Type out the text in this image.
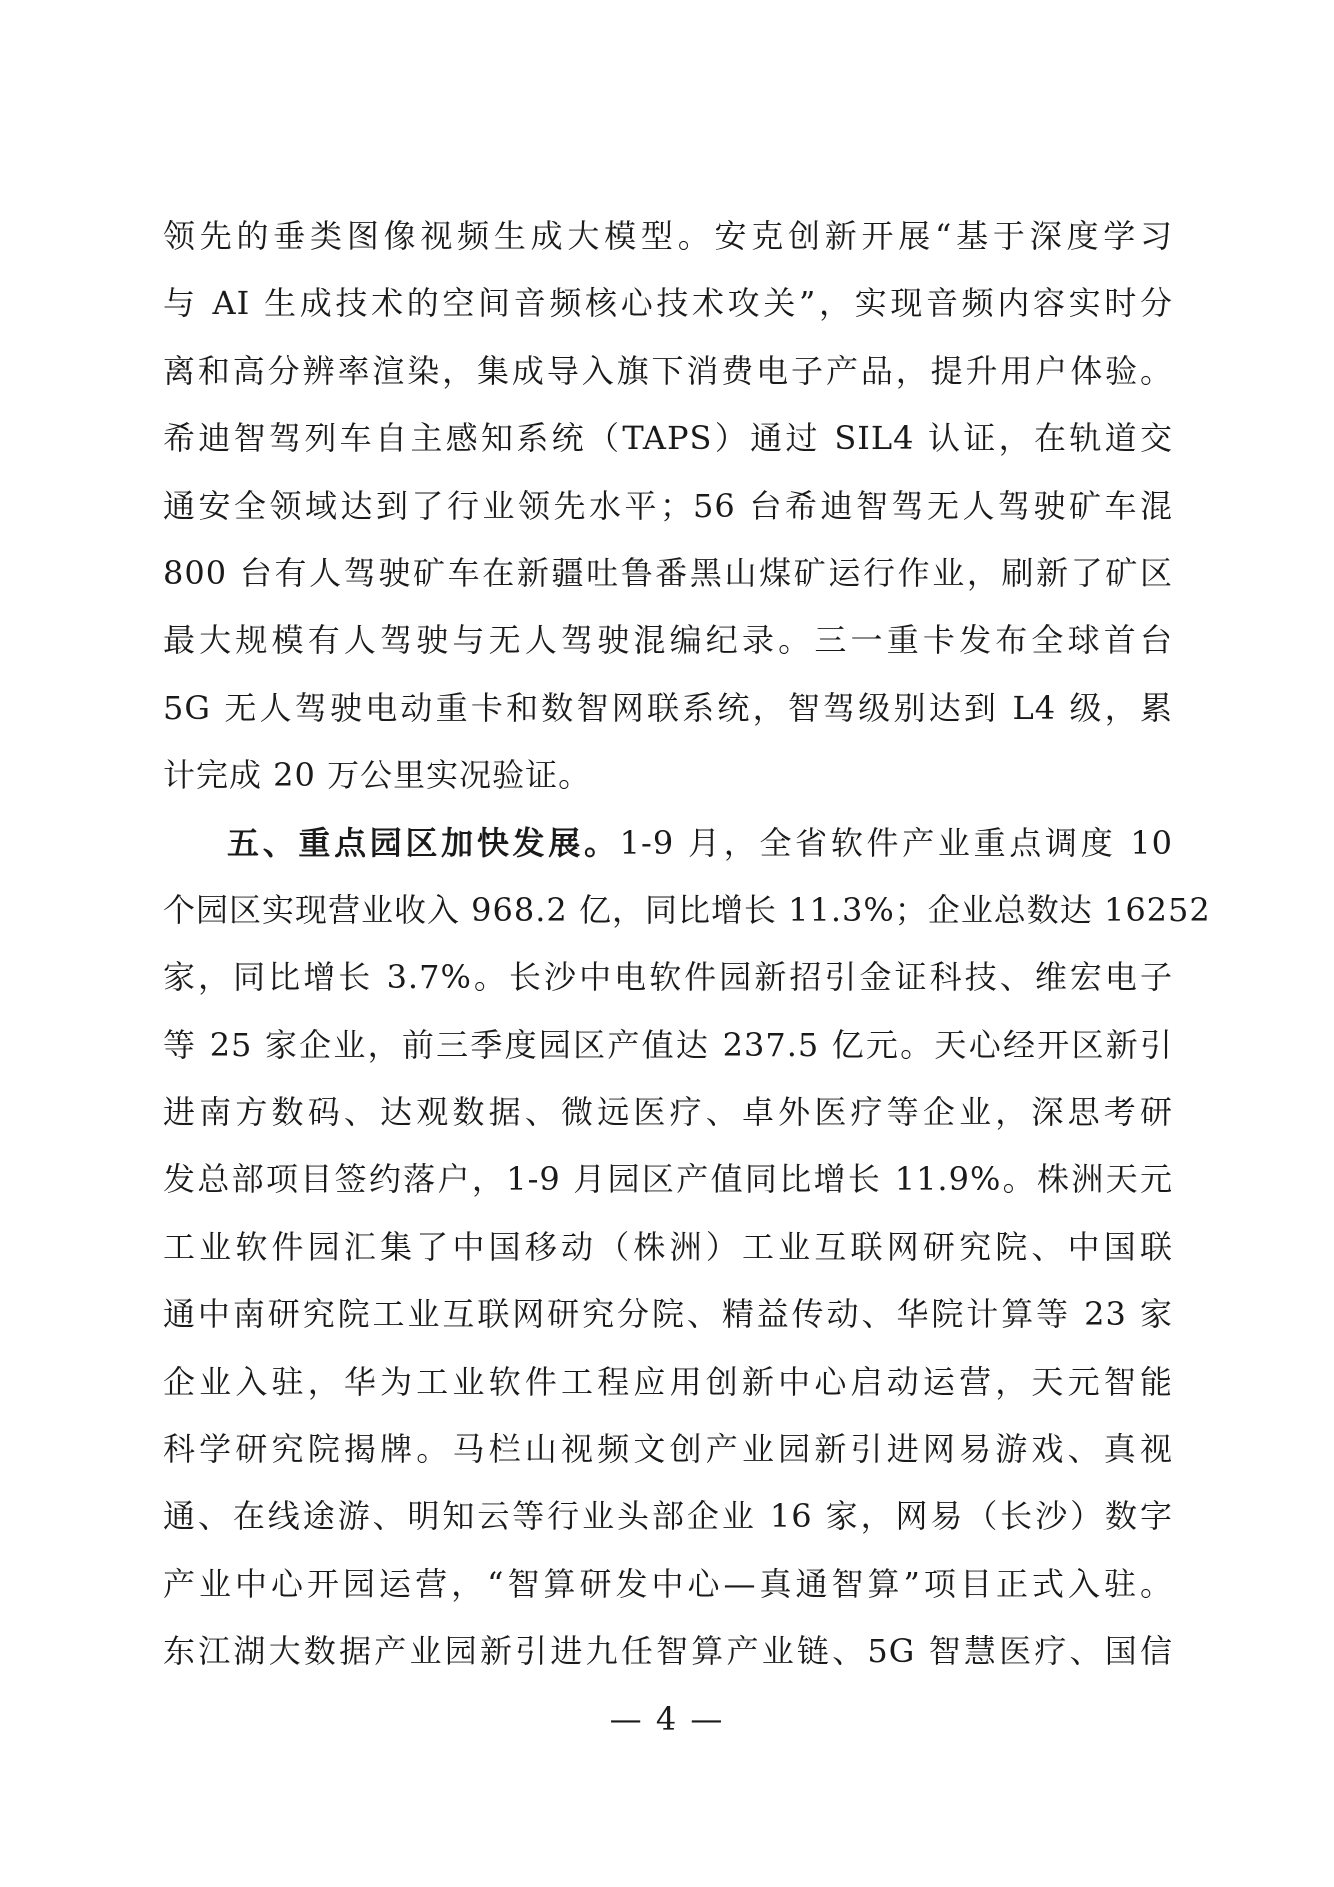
领先的垂类图像视频生成大模型。安克创新开展“基于深度学习
与 AI 生成技术的空间音频核心技术攻关”，实现音频内容实时分
离和高分辨率渲染，集成导入旗下消费电子产品，提升用户体验。
希迪智驾列车自主感知系统（TAPS）通过 SIL4 认证，在轨道交
通安全领域达到了行业领先水平；56 台希迪智驾无人驾驶矿车混
800 台有人驾驶矿车在新疆吐鲁番黑山煤矿运行作业，刷新了矿区
最大规模有人驾驶与无人驾驶混编纪录。三一重卡发布全球首台
5G 无人驾驶电动重卡和数智网联系统，智驾级别达到 L4 级，累
计完成 20 万公里实况验证。
五、重点园区加快发展。1-9 月，全省软件产业重点调度 10
个园区实现营业收入 968.2 亿，同比增长 11.3%；企业总数达 16252
家，同比增长 3.7%。长沙中电软件园新招引金证科技、维宏电子
等 25 家企业，前三季度园区产值达 237.5 亿元。天心经开区新引
进南方数码、达观数据、微远医疗、卓外医疗等企业，深思考研
发总部项目签约落户，1-9 月园区产值同比增长 11.9%。株洲天元
工业软件园汇集了中国移动（株洲）工业互联网研究院、中国联
通中南研究院工业互联网研究分院、精益传动、华院计算等 23 家
企业入驻，华为工业软件工程应用创新中心启动运营，天元智能
科学研究院揭牌。马栏山视频文创产业园新引进网易游戏、真视
通、在线途游、明知云等行业头部企业 16 家，网易（长沙）数字
产业中心开园运营，“智算研发中心—真通智算”项目正式入驻。
东江湖大数据产业园新引进九任智算产业链、5G 智慧医疗、国信
— 4 —
